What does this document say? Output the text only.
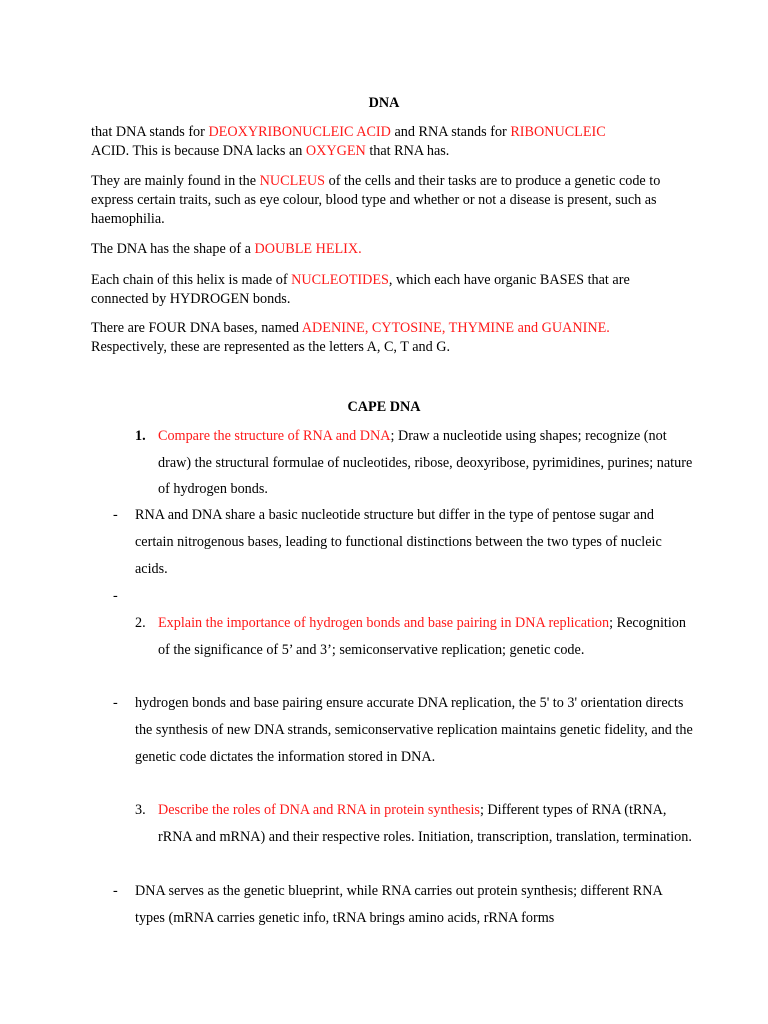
DNA

that DNA stands for DEOXYRIBONUCLEIC ACID and RNA stands for RIBONUCLEIC
ACID. This is because DNA lacks an OXYGEN that RNA has.

They are mainly found in the NUCLEUS of the cells and their tasks are to produce a genetic code to express certain traits, such as eye colour, blood type and whether or not a disease is present, such as haemophilia.

The DNA has the shape of a DOUBLE HELIX.

Each chain of this helix is made of NUCLEOTIDES, which each have organic BASES that are connected by HYDROGEN bonds.

There are FOUR DNA bases, named ADENINE, CYTOSINE, THYMINE and GUANINE.
Respectively, these are represented as the letters A, C, T and G.

CAPE DNA
1. Compare the structure of RNA and DNA; Draw a nucleotide using shapes; recognize (not draw) the structural formulae of nucleotides, ribose, deoxyribose, pyrimidines, purines; nature of hydrogen bonds.
- RNA and DNA share a basic nucleotide structure but differ in the type of pentose sugar and certain nitrogenous bases, leading to functional distinctions between the two types of nucleic acids.
-
2. Explain the importance of hydrogen bonds and base pairing in DNA replication; Recognition of the significance of 5’ and 3’; semiconservative replication; genetic code.
- hydrogen bonds and base pairing ensure accurate DNA replication, the 5' to 3' orientation directs the synthesis of new DNA strands, semiconservative replication maintains genetic fidelity, and the genetic code dictates the information stored in DNA.
3. Describe the roles of DNA and RNA in protein synthesis; Different types of RNA (tRNA, rRNA and mRNA) and their respective roles. Initiation, transcription, translation, termination.
- DNA serves as the genetic blueprint, while RNA carries out protein synthesis; different RNA types (mRNA carries genetic info, tRNA brings amino acids, rRNA forms
